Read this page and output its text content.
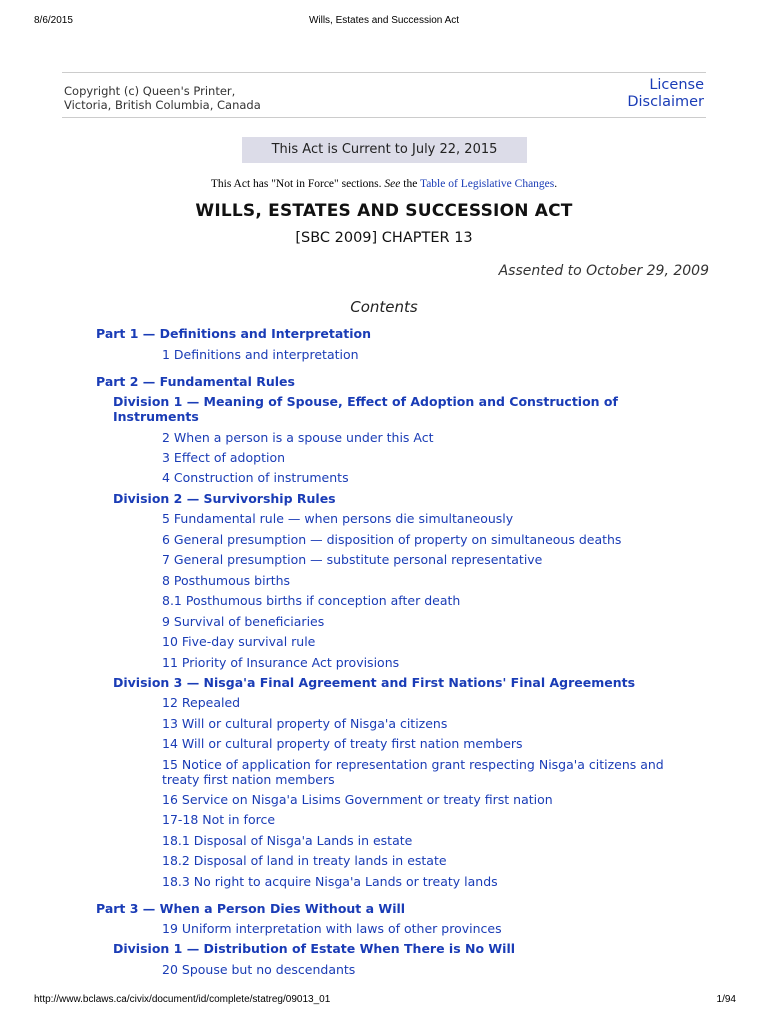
8/6/2015	Wills, Estates and Succession Act
Copyright (c) Queen's Printer,
Victoria, British Columbia, Canada
License
Disclaimer
This Act is Current to July 22, 2015
This Act has "Not in Force" sections. See the Table of Legislative Changes.
WILLS, ESTATES AND SUCCESSION ACT
[SBC 2009] CHAPTER 13
Assented to October 29, 2009
Contents
Part 1 — Definitions and Interpretation
1 Definitions and interpretation
Part 2 — Fundamental Rules
Division 1 — Meaning of Spouse, Effect of Adoption and Construction of Instruments
2 When a person is a spouse under this Act
3 Effect of adoption
4 Construction of instruments
Division 2 — Survivorship Rules
5 Fundamental rule — when persons die simultaneously
6 General presumption — disposition of property on simultaneous deaths
7 General presumption — substitute personal representative
8 Posthumous births
8.1 Posthumous births if conception after death
9 Survival of beneficiaries
10 Five-day survival rule
11 Priority of Insurance Act provisions
Division 3 — Nisga'a Final Agreement and First Nations' Final Agreements
12 Repealed
13 Will or cultural property of Nisga'a citizens
14 Will or cultural property of treaty first nation members
15 Notice of application for representation grant respecting Nisga'a citizens and treaty first nation members
16 Service on Nisga'a Lisims Government or treaty first nation
17-18 Not in force
18.1 Disposal of Nisga'a Lands in estate
18.2 Disposal of land in treaty lands in estate
18.3 No right to acquire Nisga'a Lands or treaty lands
Part 3 — When a Person Dies Without a Will
19 Uniform interpretation with laws of other provinces
Division 1 — Distribution of Estate When There is No Will
20 Spouse but no descendants
http://www.bclaws.ca/civix/document/id/complete/statreg/09013_01	1/94
